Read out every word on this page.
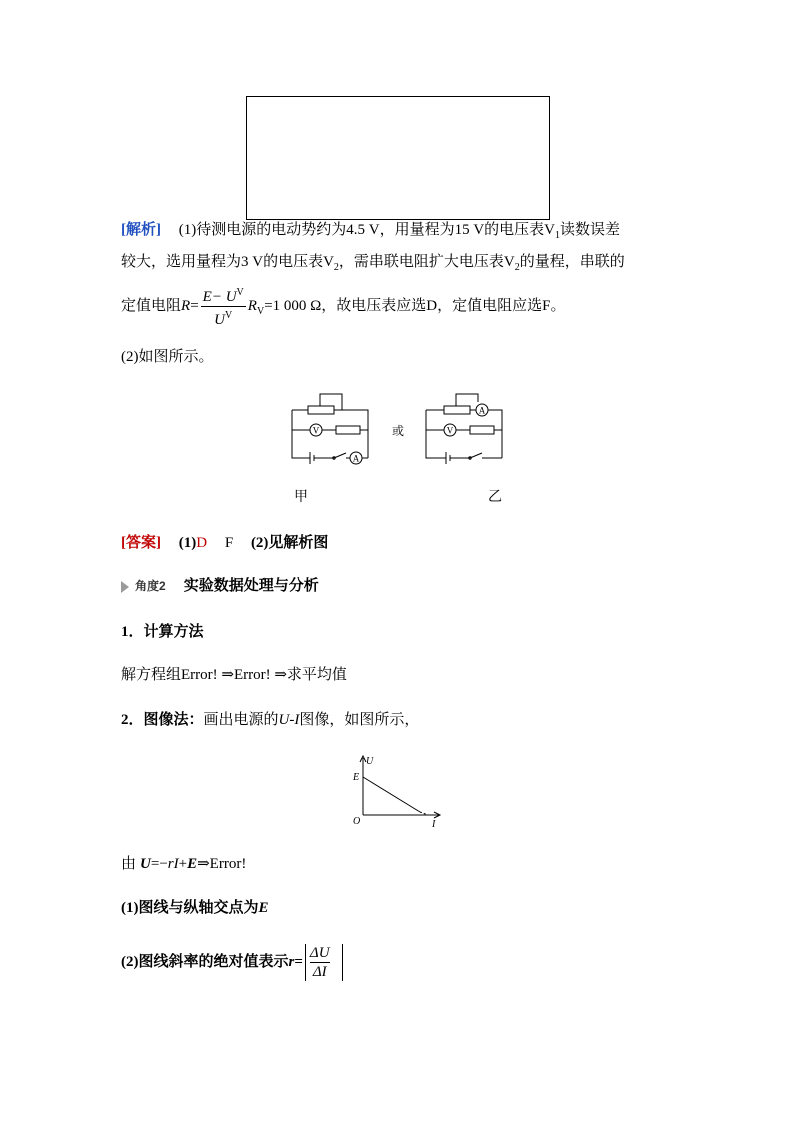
[解析] (1)待测电源的电动势约为4.5 V，用量程为15 V的电压表$V_1$读数误差
较大，选用量程为3 V的电压表$V_2$，需串联电阻扩大电压表$V_2$的量程，串联的
定值电阻$R= \frac{E- U^V}{U^V} R_V=1$ 000 Ω，故电压表应选D，定值电阻应选F。
(2)如图所示。
V
A
或
A
V
甲	乙
[答案] (1)D F (2)见解析图
角度2 实验数据处理与分析
1．计算方法
解方程组Error! ⇒Error! ⇒求平均值
2．图像法：画出电源的U-I图像，如图所示，
U
E
O	I
由 U=−rI+E⇒Error!
(1)图线与纵轴交点为E
(2)图线斜率的绝对值表示$r= \frac{\Delta U}{\Delta I}$
